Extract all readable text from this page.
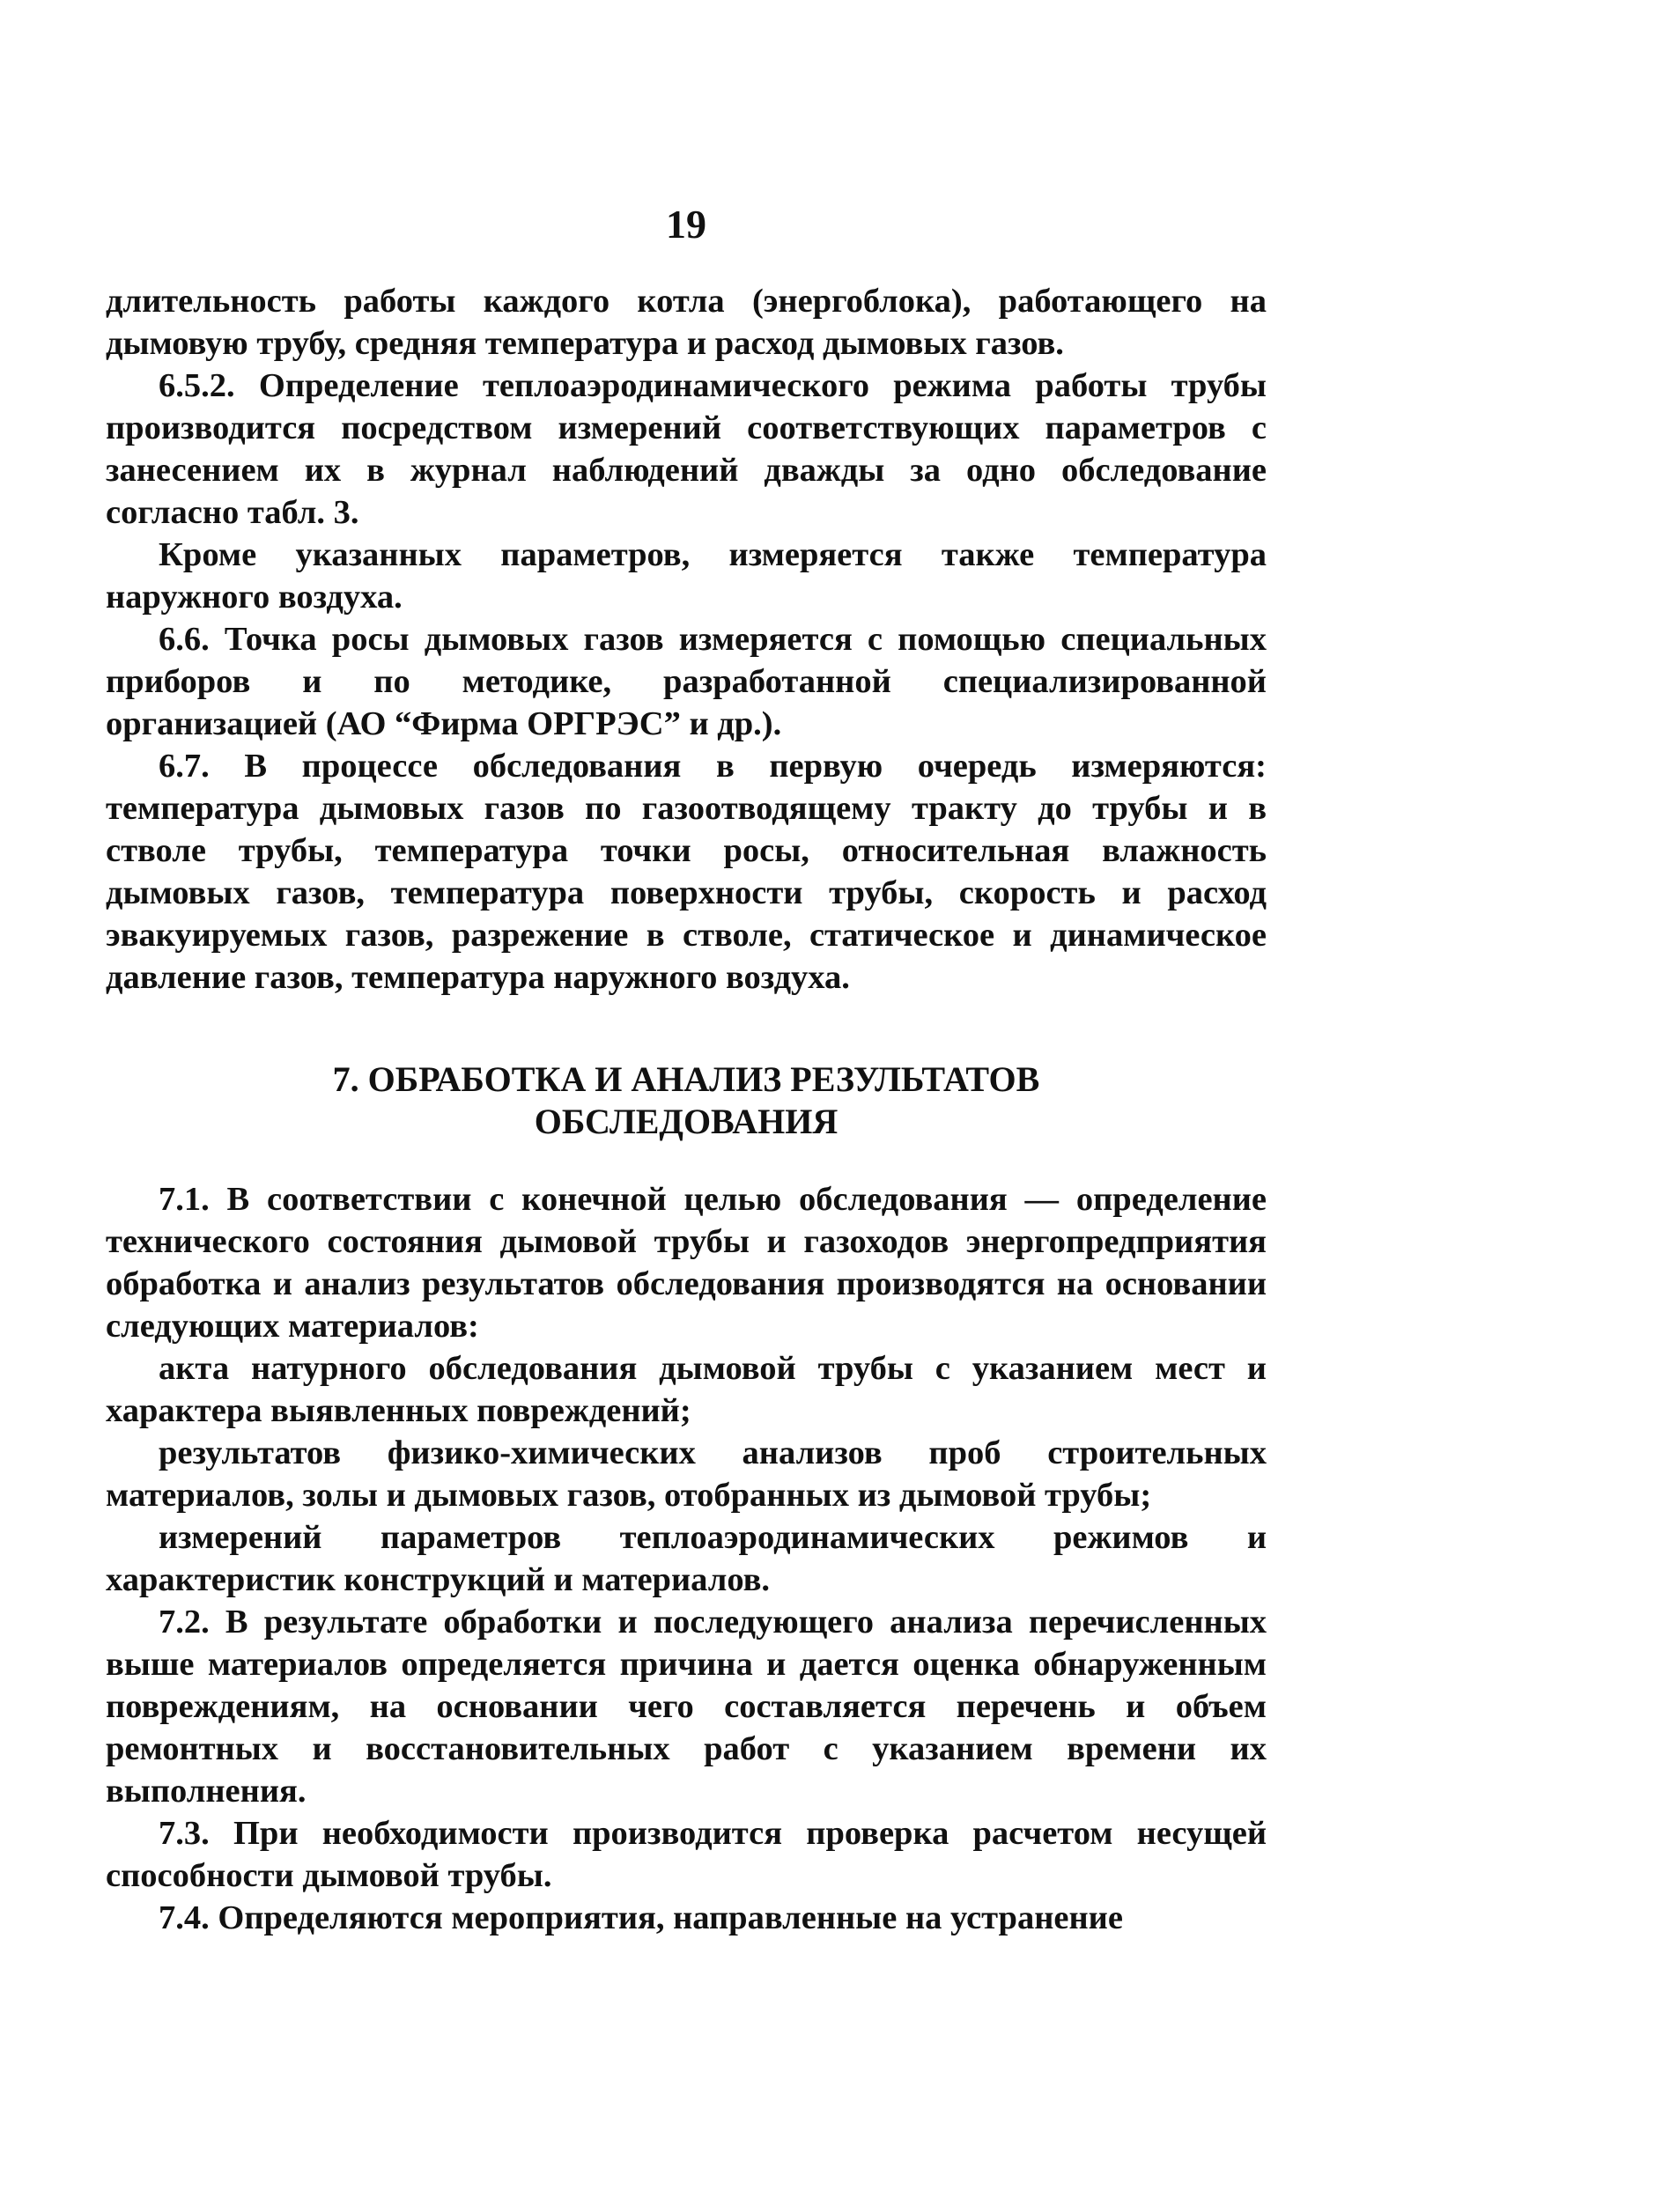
19

длительность работы каждого котла (энергоблока), работающего на дымовую трубу, средняя температура и расход дымовых газов.

6.5.2. Определение теплоаэродинамического режима работы трубы производится посредством измерений соответствующих параметров с занесением их в журнал наблюдений дважды за одно обследование согласно табл. 3.

Кроме указанных параметров, измеряется также температура наружного воздуха.

6.6. Точка росы дымовых газов измеряется с помощью специальных приборов и по методике, разработанной специализированной организацией (АО “Фирма ОРГРЭС” и др.).

6.7. В процессе обследования в первую очередь измеряются: температура дымовых газов по газоотводящему тракту до трубы и в стволе трубы, температура точки росы, относительная влажность дымовых газов, температура поверхности трубы, скорость и расход эвакуируемых газов, разрежение в стволе, статическое и динамическое давление газов, температура наружного воздуха.

7. ОБРАБОТКА И АНАЛИЗ РЕЗУЛЬТАТОВ
ОБСЛЕДОВАНИЯ

7.1. В соответствии с конечной целью обследования — определение технического состояния дымовой трубы и газоходов энергопредприятия обработка и анализ результатов обследования производятся на основании следующих материалов:

акта натурного обследования дымовой трубы с указанием мест и характера выявленных повреждений;

результатов физико-химических анализов проб строительных материалов, золы и дымовых газов, отобранных из дымовой трубы;

измерений параметров теплоаэродинамических режимов и характеристик конструкций и материалов.

7.2. В результате обработки и последующего анализа перечисленных выше материалов определяется причина и дается оценка обнаруженным повреждениям, на основании чего составляется перечень и объем ремонтных и восстановительных работ с указанием времени их выполнения.

7.3. При необходимости производится проверка расчетом несущей способности дымовой трубы.

7.4. Определяются мероприятия, направленные на устранение
